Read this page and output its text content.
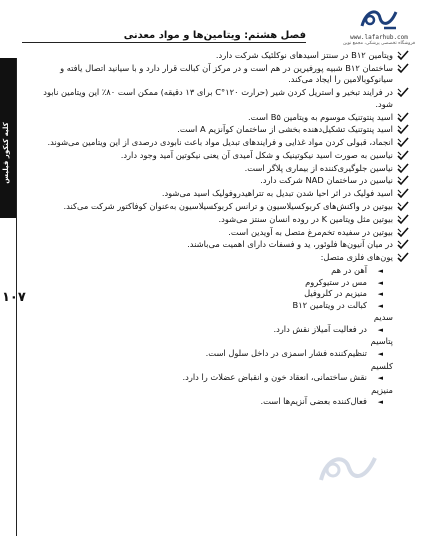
www.lafarhub.com
فروشگاه تخصصی پزشکی، مجمع نوین
فصل هشتم: ویتامین‌ها و مواد معدنی
کلیه کنکور فیلیس
۱۰۷
ویتامین B۱۲ در سنتز اسیدهای نوکلئیک شرکت دارد.
ساختمان B۱۲ شبیه پورفیرین در هم است و در مرکز آن کبالت قرار دارد و با سیانید اتصال یافته و سیانوکوبالامین را ایجاد می‌کند.
در فرایند تبخیر و استریل کردن شیر (حرارت ۱۲۰°C برای ۱۳ دقیقه) ممکن است ۸۰٪ این ویتامین نابود شود.
اسید پنتوتنیک موسوم به ویتامین B۵ است.
اسید پنتوتنیک تشکیل‌دهنده بخشی از ساختمان کوآنزیم A است.
انجماد، قبولی کردن مواد غذایی و فرایندهای تبدیل مواد باعث نابودی درصدی از این ویتامین می‌شوند.
نیاسین به صورت اسید نیکوتینیک و شکل آمیدی آن یعنی نیکوتین آمید وجود دارد.
نیاسین جلوگیری‌کننده از بیماری پلاگر است.
نیاسین در ساختمان NAD شرکت دارد.
اسید فولیک در اثر احیا شدن تبدیل به تتراهیدروفولیک اسید می‌شود.
بیوتین در واکنش‌های کربوکسیلاسیون و ترانس کربوکسیلاسیون به‌عنوان کوفاکتور شرکت می‌کند.
بیوتین مثل ویتامین K در روده انسان سنتز می‌شود.
بیوتین در سفیده تخم‌مرغ متصل به آویدین است.
در میان آنیون‌ها فلوئور، ید و فسفات دارای اهمیت می‌باشند.
یون‌های فلزی متصل:
◄
آهن در هم
◄
مس در ستیوکروم
◄
منیزیم در کلروفیل
◄
کبالت در ویتامین B۱۲
سدیم
◄
در فعالیت آمیلاز نقش دارد.
پتاسیم
◄
تنظیم‌کننده فشار اسمزی در داخل سلول است.
کلسیم
◄
نقش ساختمانی، انعقاد خون و انقباض عضلات را دارد.
منیزیم
◄
فعال‌کننده بعضی آنزیم‌ها است.
